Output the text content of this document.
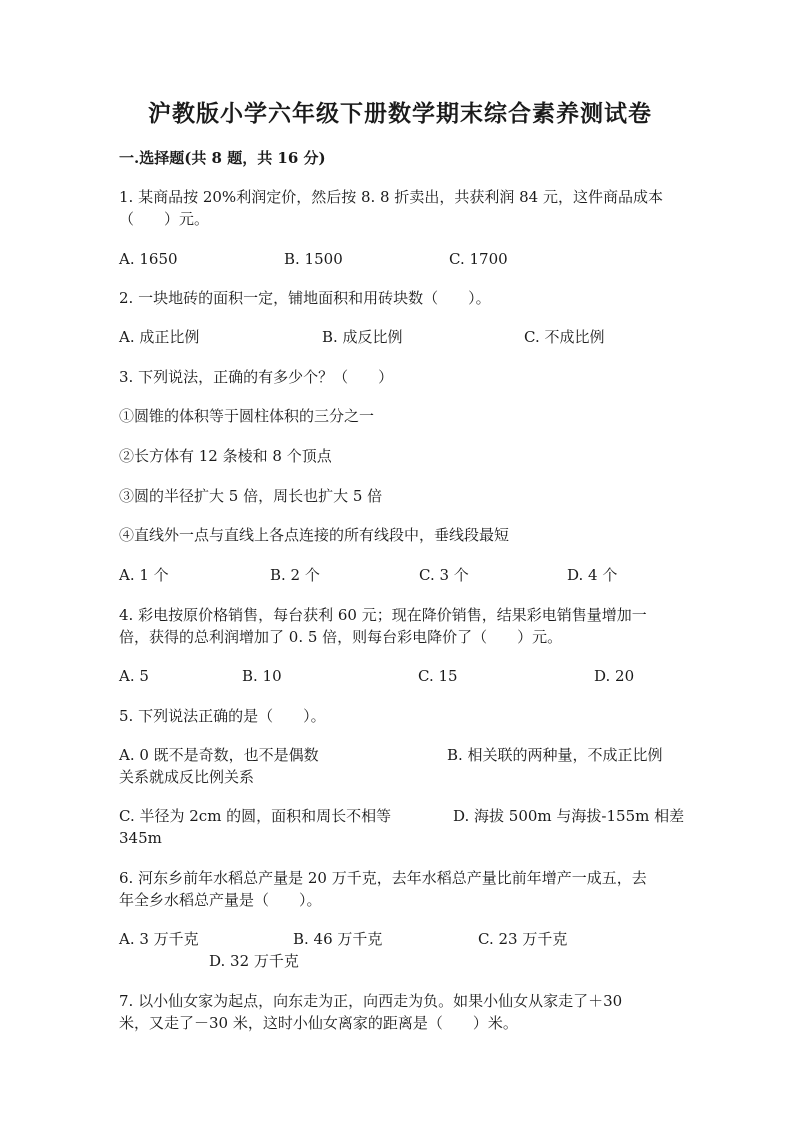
沪教版小学六年级下册数学期末综合素养测试卷
一.选择题(共 8 题，共 16 分)
1. 某商品按 20%利润定价，然后按 8. 8 折卖出，共获利润 84 元，这件商品成本
（　　）元。
A. 1650	B. 1500	C. 1700
2. 一块地砖的面积一定，铺地面积和用砖块数（　　）。
A. 成正比例	B. 成反比例	C. 不成比例
3. 下列说法，正确的有多少个？（　　）
①圆锥的体积等于圆柱体积的三分之一
②长方体有 12 条棱和 8 个顶点
③圆的半径扩大 5 倍，周长也扩大 5 倍
④直线外一点与直线上各点连接的所有线段中，垂线段最短
A. 1 个	B. 2 个	C. 3 个	D. 4 个
4. 彩电按原价格销售，每台获利 60 元；现在降价销售，结果彩电销售量增加一
倍，获得的总利润增加了 0. 5 倍，则每台彩电降价了（　　）元。
A. 5	B. 10	C. 15	D. 20
5. 下列说法正确的是（　　）。
A. 0 既不是奇数，也不是偶数	B. 相关联的两种量，不成正比例
关系就成反比例关系
C. 半径为 2cm 的圆，面积和周长不相等	D. 海拔 500m 与海拔-155m 相差
345m
6. 河东乡前年水稻总产量是 20 万千克，去年水稻总产量比前年增产一成五，去
年全乡水稻总产量是（　　）。
A. 3 万千克	B. 46 万千克	C. 23 万千克
D. 32 万千克
7. 以小仙女家为起点，向东走为正，向西走为负。如果小仙女从家走了＋30
米，又走了－30 米，这时小仙女离家的距离是（　　）米。
